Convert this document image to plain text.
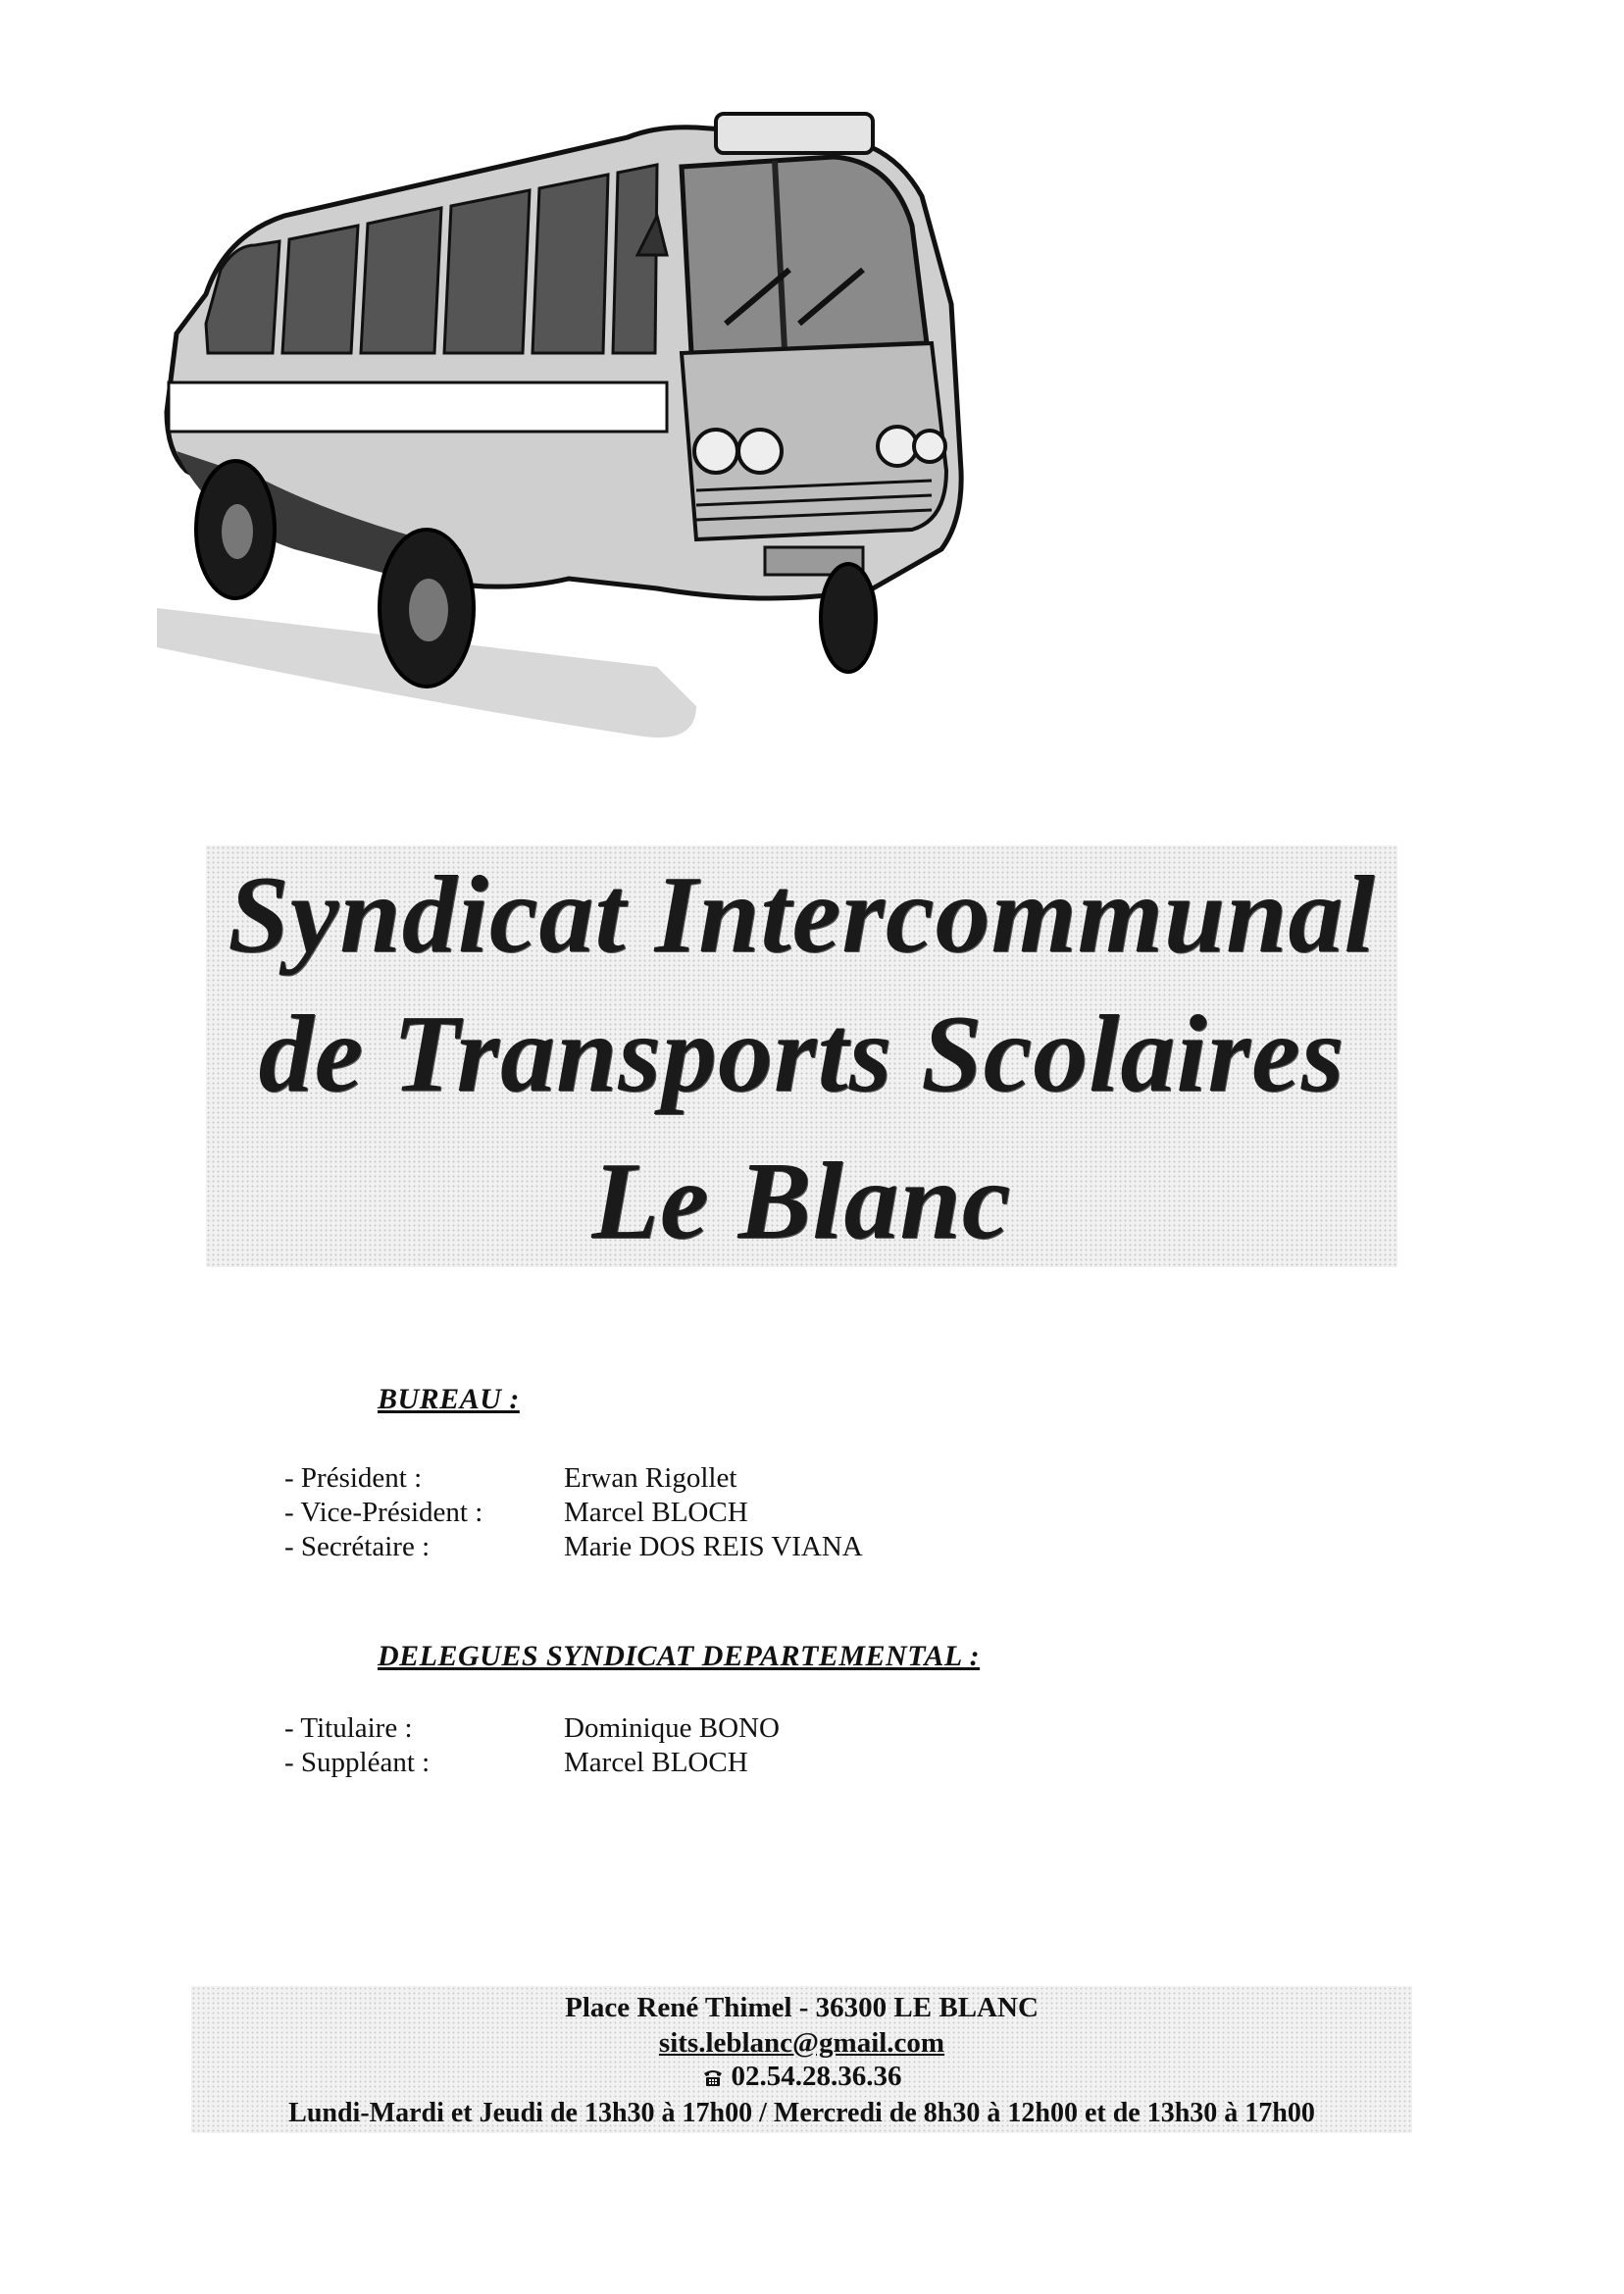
Syndicat Intercommunal
de Transports Scolaires
Le Blanc
BUREAU :
- Président :	Erwan Rigollet
- Vice-Président :	Marcel BLOCH
- Secrétaire :	Marie DOS REIS VIANA
DELEGUES SYNDICAT DEPARTEMENTAL :
- Titulaire :	Dominique BONO
- Suppléant :	Marcel BLOCH
Place René Thimel - 36300 LE BLANC
sits.leblanc@gmail.com
02.54.28.36.36
Lundi-Mardi et Jeudi de 13h30 à 17h00 / Mercredi de 8h30 à 12h00 et de 13h30 à 17h00
